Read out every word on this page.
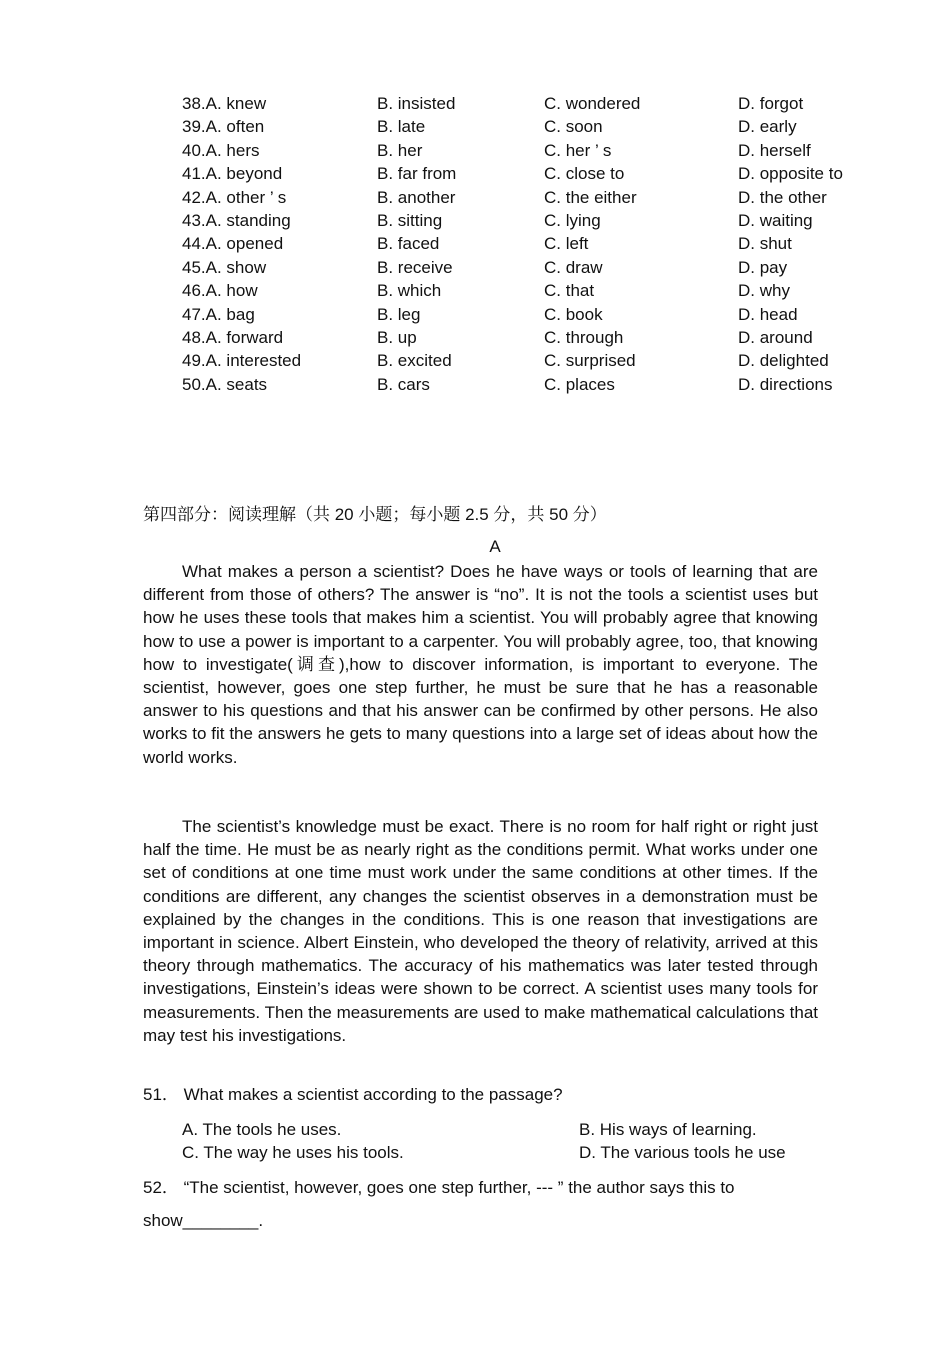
38.A. knew	B. insisted	C. wondered	D. forgot
39.A. often	B. late	C. soon	D. early
40.A. hers	B. her	C. her ’ s	D. herself
41.A. beyond	B. far from	C. close to	D. opposite to
42.A. other ’ s	B. another	C. the either	D. the other
43.A. standing	B. sitting	C. lying	D. waiting
44.A. opened	B. faced	C. left	D. shut
45.A. show	B. receive	C. draw	D. pay
46.A. how	B. which	C. that	D. why
47.A. bag	B. leg	C. book	D. head
48.A. forward	B. up	C. through	D. around
49.A. interested	B. excited	C. surprised	D. delighted
50.A. seats	B. cars	C. places	D. directions
第四部分：阅读理解（共 20 小题；每小题 2.5 分，共 50 分）
A
What makes a person a scientist? Does he have ways or tools of learning that are different from those of others? The answer is “no”. It is not the tools a scientist uses but how he uses these tools that makes him a scientist. You will probably agree that knowing how to use a power is important to a carpenter. You will probably agree, too, that knowing how to investigate(调查),how to discover information, is important to everyone. The scientist, however, goes one step further, he must be sure that he has a reasonable answer to his questions and that his answer can be confirmed by other persons. He also works to fit the answers he gets to many questions into a large set of ideas about how the world works.
The scientist’s knowledge must be exact. There is no room for half right or right just half the time. He must be as nearly right as the conditions permit. What works under one set of conditions at one time must work under the same conditions at other times. If the conditions are different, any changes the scientist observes in a demonstration must be explained by the changes in the conditions. This is one reason that investigations are important in science. Albert Einstein, who developed the theory of relativity, arrived at this theory through mathematics. The accuracy of his mathematics was later tested through investigations, Einstein’s ideas were shown to be correct. A scientist uses many tools for measurements. Then the measurements are used to make mathematical calculations that may test his investigations.
51． What makes a scientist according to the passage?
A. The tools he uses.	B. His ways of learning.
C. The way he uses his tools.	D. The various tools he use
52． “The scientist, however, goes one step further, --- ” the author says this to
show________.
